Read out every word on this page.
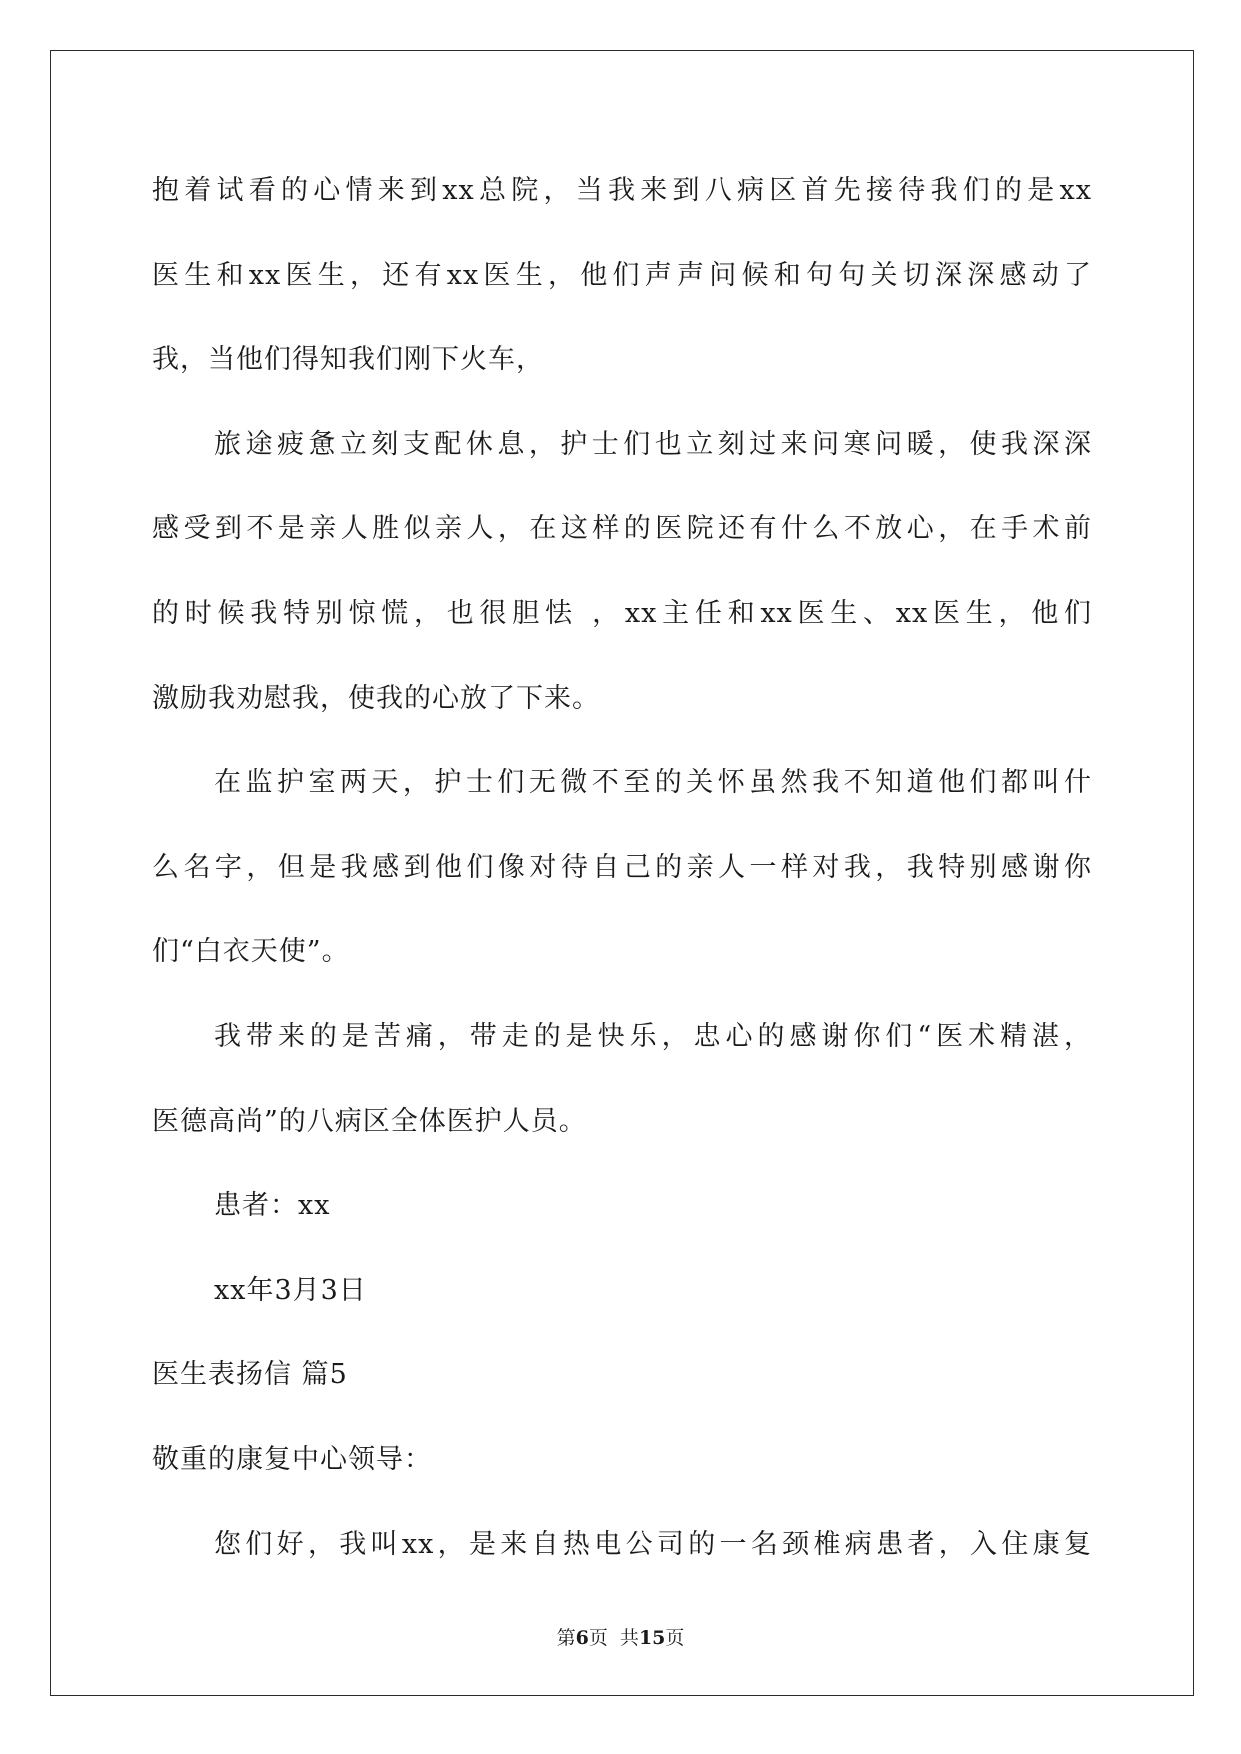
抱着试看的心情来到xx总院，当我来到八病区首先接待我们的是xx
医生和xx医生，还有xx医生，他们声声问候和句句关切深深感动了
我，当他们得知我们刚下火车，
旅途疲惫立刻支配休息，护士们也立刻过来问寒问暖，使我深深
感受到不是亲人胜似亲人，在这样的医院还有什么不放心，在手术前
的时候我特别惊慌，也很胆怯 ，xx主任和xx医生、xx医生，他们
激励我劝慰我，使我的心放了下来。
在监护室两天，护士们无微不至的关怀虽然我不知道他们都叫什
么名字，但是我感到他们像对待自己的亲人一样对我，我特别感谢你
们“白衣天使”。
我带来的是苦痛，带走的是快乐，忠心的感谢你们“医术精湛，
医德高尚”的八病区全体医护人员。
患者：xx
xx年3月3日
医生表扬信 篇5
敬重的康复中心领导：
您们好，我叫xx，是来自热电公司的一名颈椎病患者，入住康复
第6页  共15页
